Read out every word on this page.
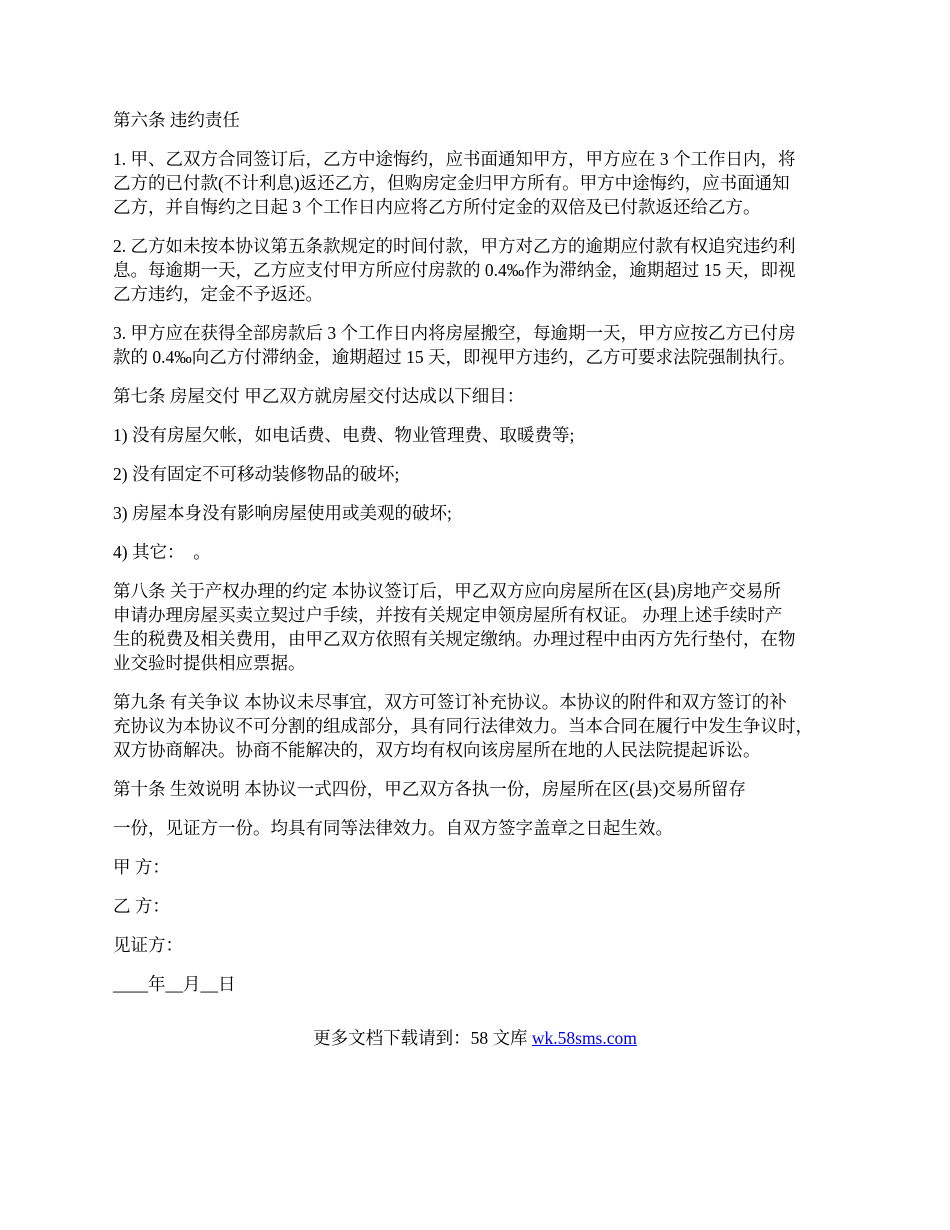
第六条 违约责任
1. 甲、乙双方合同签订后，乙方中途悔约，应书面通知甲方，甲方应在 3 个工作日内，将
乙方的已付款(不计利息)返还乙方，但购房定金归甲方所有。甲方中途悔约，应书面通知
乙方，并自悔约之日起 3 个工作日内应将乙方所付定金的双倍及已付款返还给乙方。
2. 乙方如未按本协议第五条款规定的时间付款，甲方对乙方的逾期应付款有权追究违约利
息。每逾期一天，乙方应支付甲方所应付房款的 0.4‰作为滞纳金，逾期超过 15 天，即视
乙方违约，定金不予返还。
3. 甲方应在获得全部房款后 3 个工作日内将房屋搬空，每逾期一天，甲方应按乙方已付房
款的 0.4‰向乙方付滞纳金，逾期超过 15 天，即视甲方违约，乙方可要求法院强制执行。
第七条 房屋交付 甲乙双方就房屋交付达成以下细目：
1) 没有房屋欠帐，如电话费、电费、物业管理费、取暖费等;
2) 没有固定不可移动装修物品的破坏;
3) 房屋本身没有影响房屋使用或美观的破坏;
4) 其它：  。
第八条 关于产权办理的约定 本协议签订后，甲乙双方应向房屋所在区(县)房地产交易所
申请办理房屋买卖立契过户手续，并按有关规定申领房屋所有权证。 办理上述手续时产
生的税费及相关费用，由甲乙双方依照有关规定缴纳。办理过程中由丙方先行垫付，在物
业交验时提供相应票据。
第九条 有关争议 本协议未尽事宜，双方可签订补充协议。本协议的附件和双方签订的补
充协议为本协议不可分割的组成部分，具有同行法律效力。当本合同在履行中发生争议时，
双方协商解决。协商不能解决的，双方均有权向该房屋所在地的人民法院提起诉讼。
第十条 生效说明 本协议一式四份，甲乙双方各执一份，房屋所在区(县)交易所留存
一份，见证方一份。均具有同等法律效力。自双方签字盖章之日起生效。
甲 方：
乙 方：
见证方：
____年__月__日
更多文档下载请到：58 文库 wk.58sms.com
